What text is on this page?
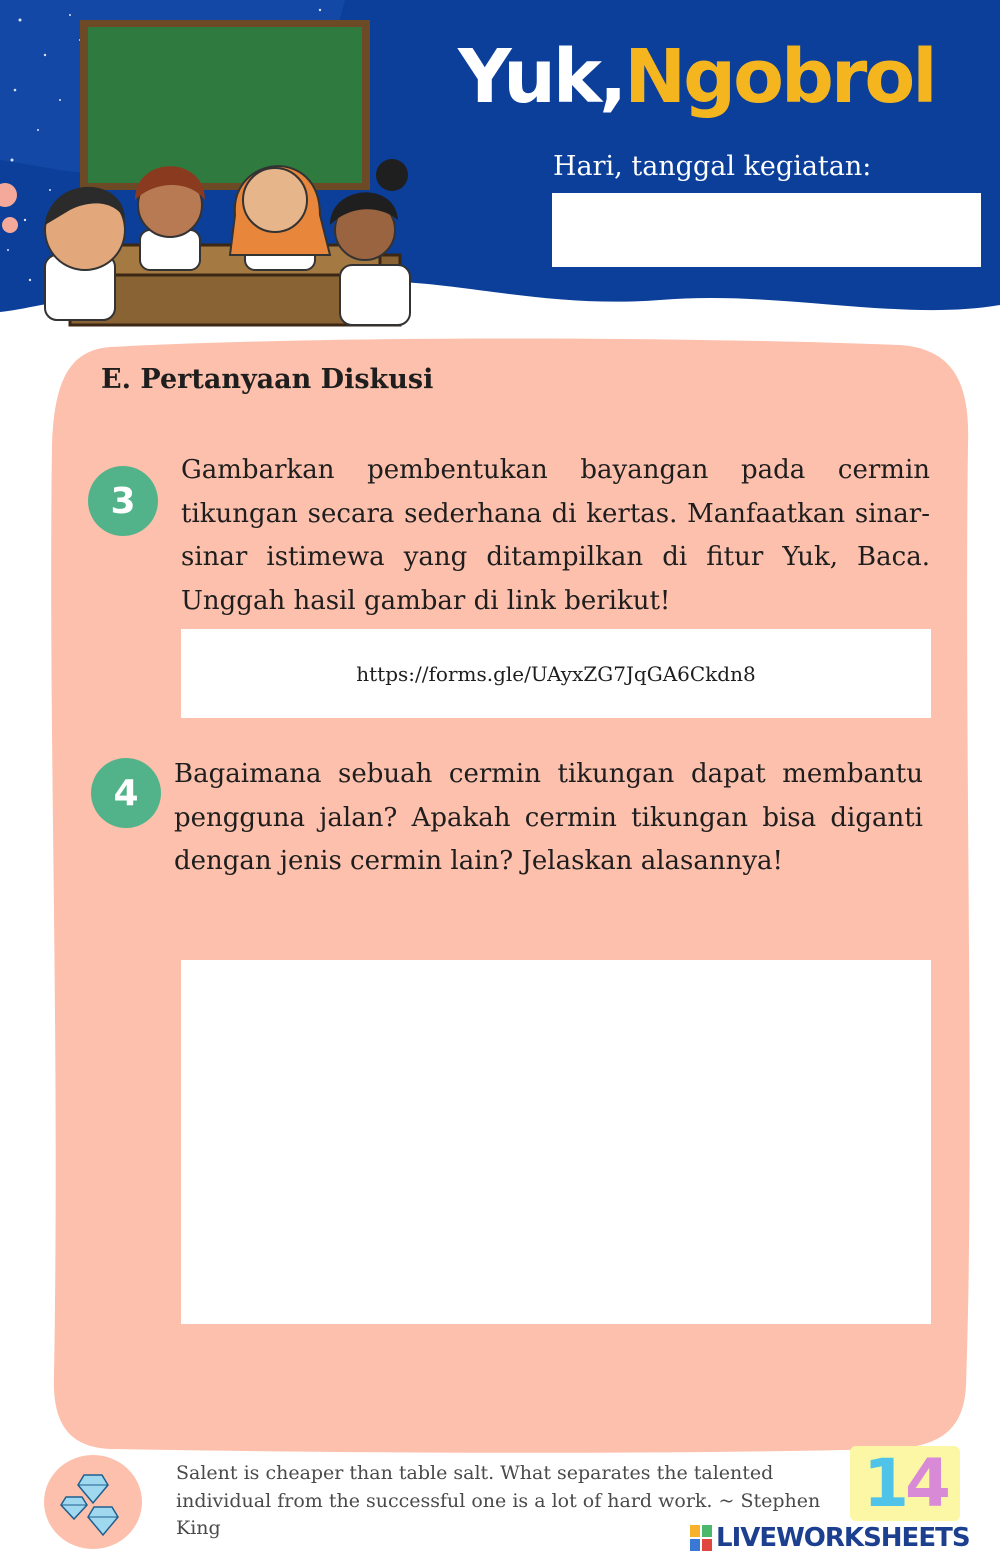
Yuk,Ngobrol
Hari, tanggal kegiatan:
E. Pertanyaan Diskusi
3

Gambarkan pembentukan bayangan pada cermin tikungan secara sederhana di kertas. Manfaatkan sinar-sinar istimewa yang ditampilkan di fitur Yuk, Baca. Unggah hasil gambar di link berikut!

https://forms.gle/UAyxZG7JqGA6Ckdn8
4	Bagaimana sebuah cermin tikungan dapat membantu pengguna jalan? Apakah cermin tikungan bisa diganti dengan jenis cermin lain? Jelaskan alasannya!

Salent is cheaper than table salt. What separates the talented individual from the successful one is a lot of hard work. ~ Stephen King

1 4
LIVEWORKSHEETS
